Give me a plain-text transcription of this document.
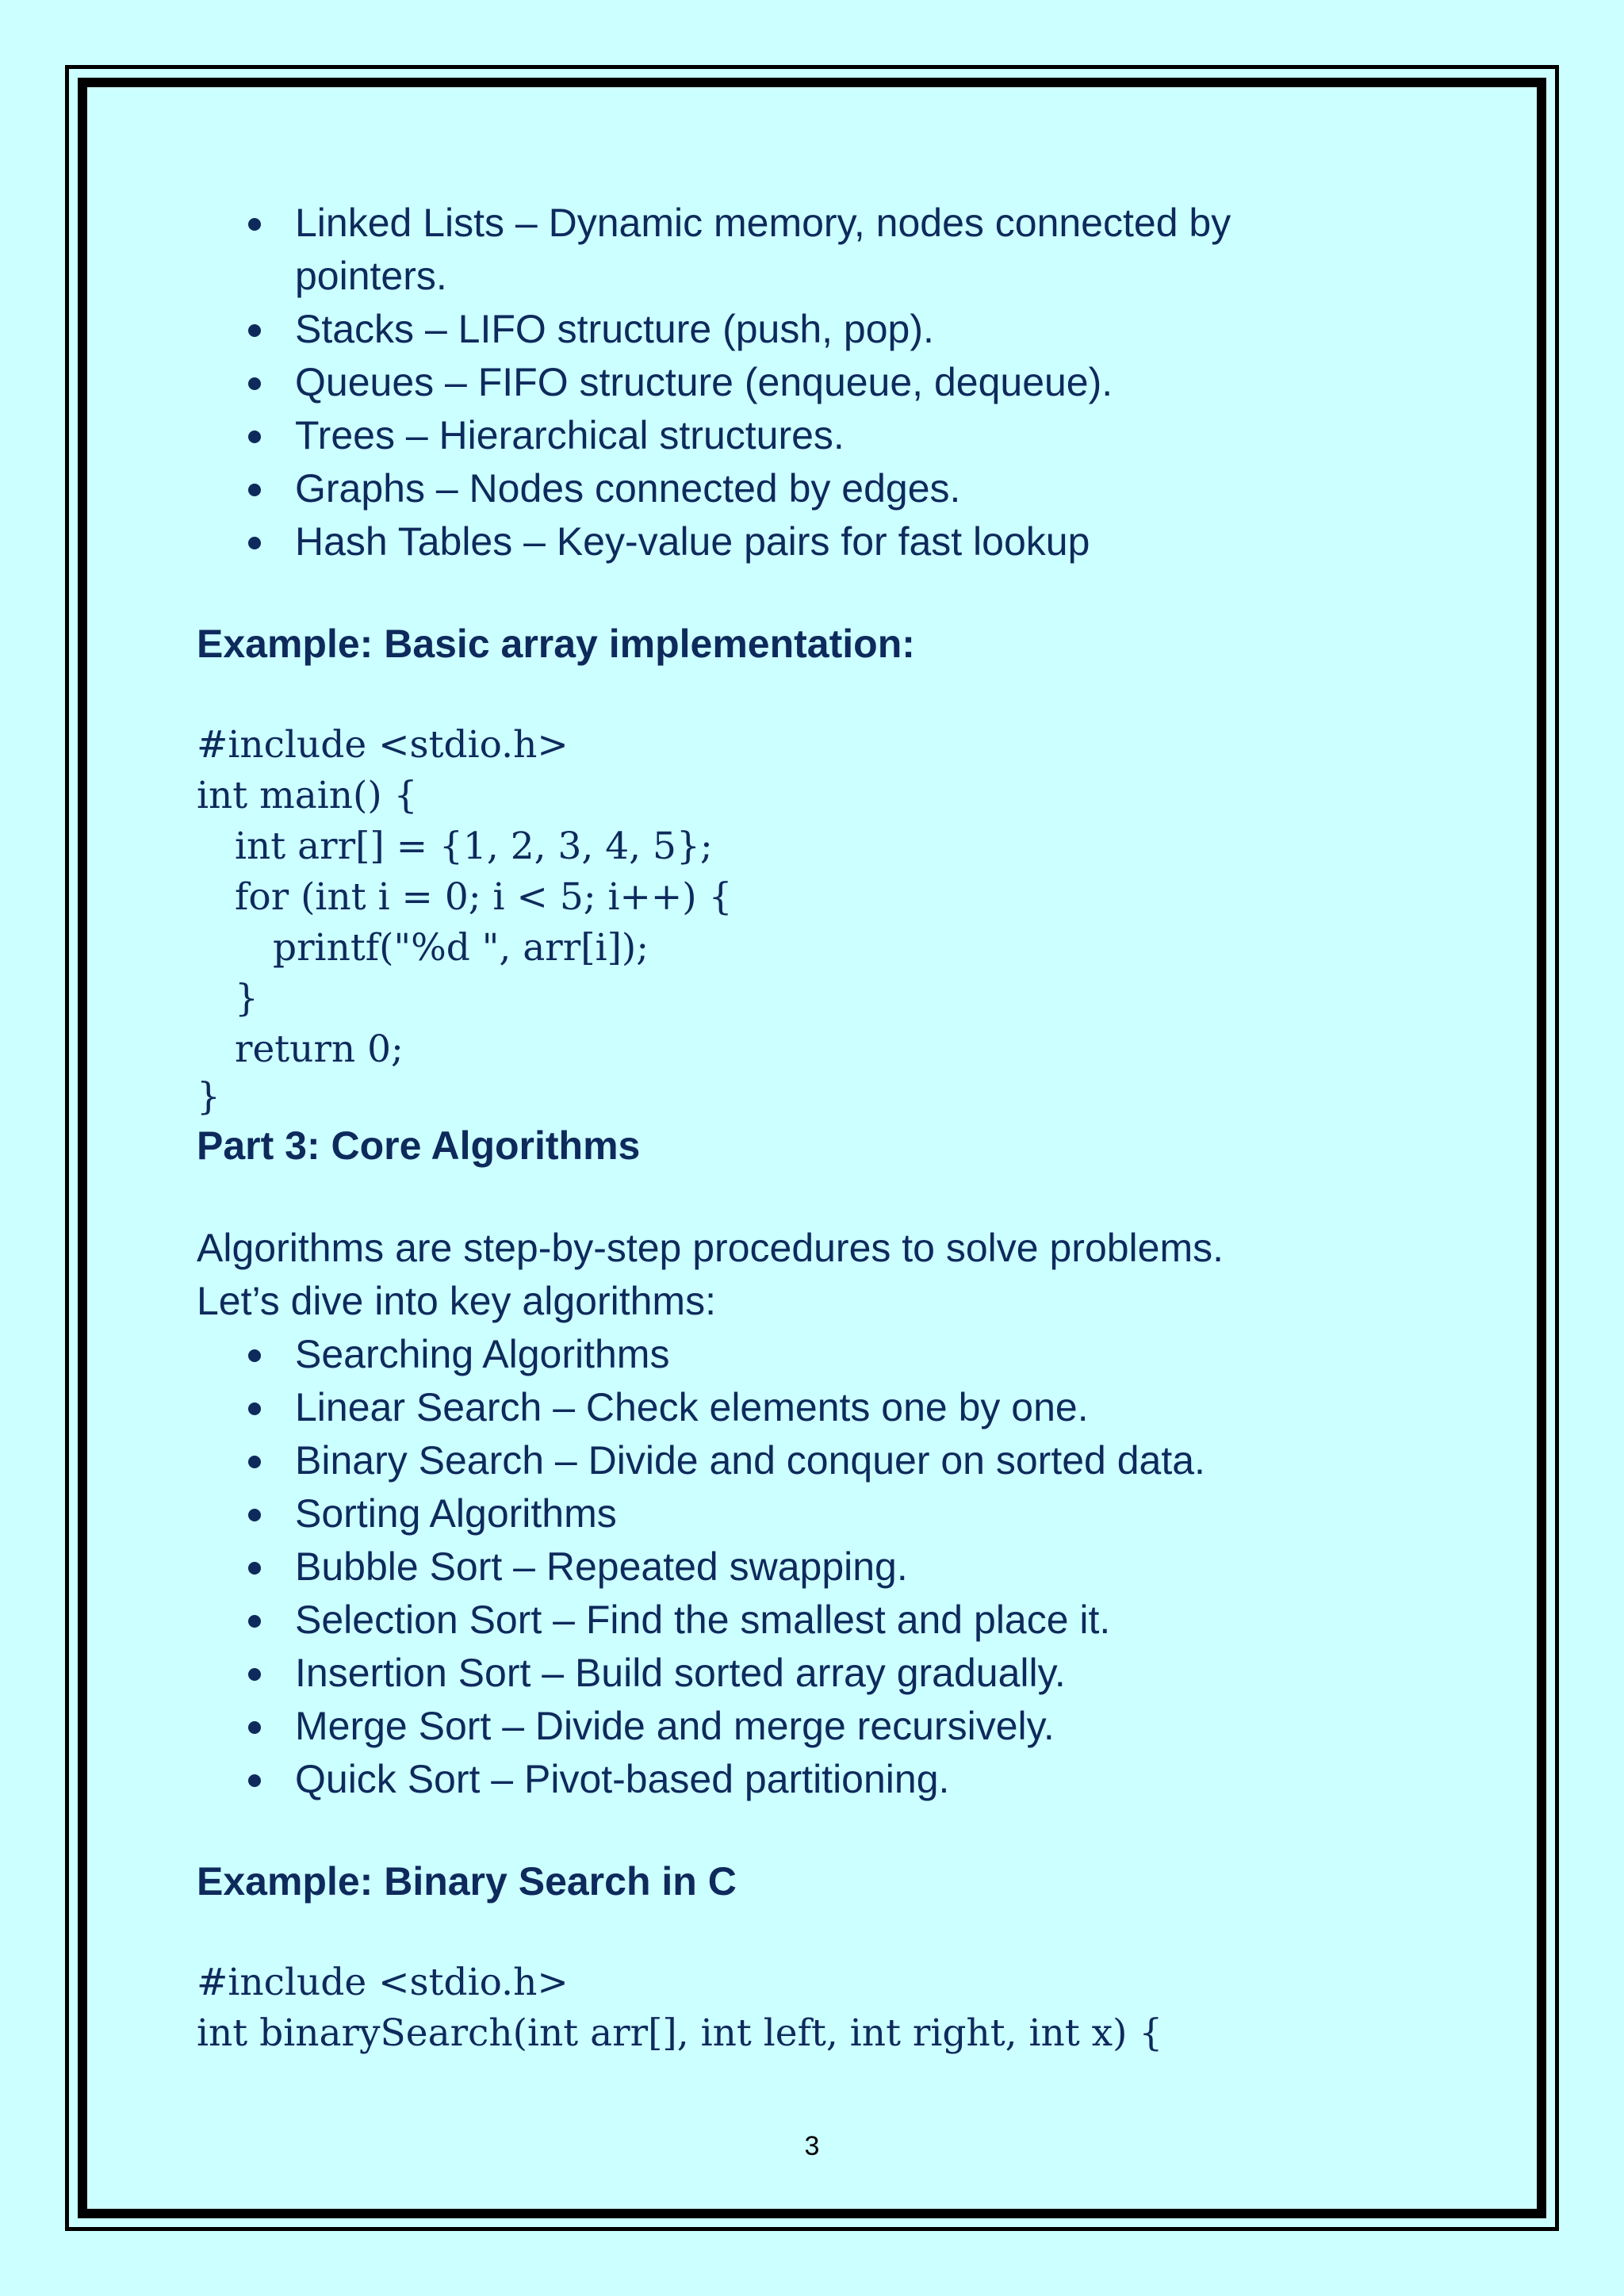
Linked Lists – Dynamic memory, nodes connected by
pointers.
Stacks – LIFO structure (push, pop).
Queues – FIFO structure (enqueue, dequeue).
Trees – Hierarchical structures.
Graphs – Nodes connected by edges.
Hash Tables – Key-value pairs for fast lookup
Example: Basic array implementation:
#include <stdio.h>
int main() {
int arr[] = {1, 2, 3, 4, 5};
for (int i = 0; i < 5; i++) {
printf("%d ", arr[i]);
}
return 0;
}
Part 3: Core Algorithms
Algorithms are step-by-step procedures to solve problems.
Let’s dive into key algorithms:
Searching Algorithms
Linear Search – Check elements one by one.
Binary Search – Divide and conquer on sorted data.
Sorting Algorithms
Bubble Sort – Repeated swapping.
Selection Sort – Find the smallest and place it.
Insertion Sort – Build sorted array gradually.
Merge Sort – Divide and merge recursively.
Quick Sort – Pivot-based partitioning.
Example: Binary Search in C
#include <stdio.h>
int binarySearch(int arr[], int left, int right, int x) {
3
